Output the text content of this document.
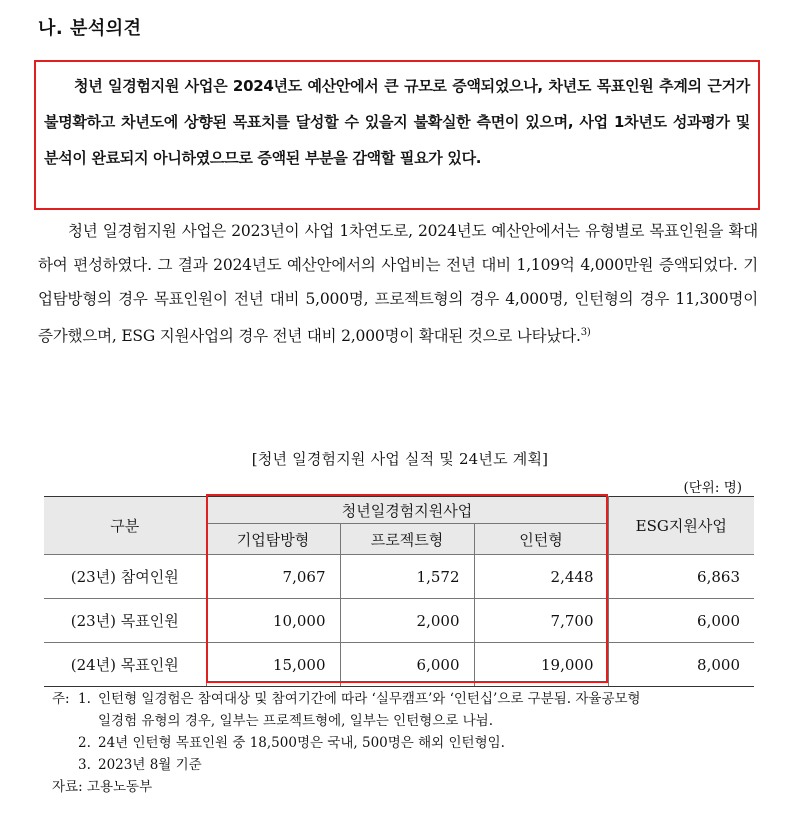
나. 분석의견

청년 일경험지원 사업은 2024년도 예산안에서 큰 규모로 증액되었으나, 차년도 목표인원 추계의 근거가 불명확하고 차년도에 상향된 목표치를 달성할 수 있을지 불확실한 측면이 있으며, 사업 1차년도 성과평가 및 분석이 완료되지 아니하였으므로 증액된 부분을 감액할 필요가 있다.

청년 일경험지원 사업은 2023년이 사업 1차연도로, 2024년도 예산안에서는 유형별로 목표인원을 확대하여 편성하였다. 그 결과 2024년도 예산안에서의 사업비는 전년 대비 1,109억 4,000만원 증액되었다. 기업탐방형의 경우 목표인원이 전년 대비 5,000명, 프로젝트형의 경우 4,000명, 인턴형의 경우 11,300명이 증가했으며, ESG 지원사업의 경우 전년 대비 2,000명이 확대된 것으로 나타났다.$^{3)}$

[청년 일경험지원 사업 실적 및 24년도 계획]
(단위: 명)
구분	청년일경험지원사업			ESG지원사업
	기업탐방형	프로젝트형	인턴형	
(23년) 참여인원	7,067	1,572	2,448	6,863
(23년) 목표인원	10,000	2,000	7,700	6,000
(24년) 목표인원	15,000	6,000	19,000	8,000
주: 1. 인턴형 일경험은 참여대상 및 참여기간에 따라 ‘실무캠프’와 ‘인턴십’으로 구분됨. 자율공모형
일경험 유형의 경우, 일부는 프로젝트형에, 일부는 인턴형으로 나뉨.
2. 24년 인턴형 목표인원 중 18,500명은 국내, 500명은 해외 인턴형임.
3. 2023년 8월 기준
자료: 고용노동부
